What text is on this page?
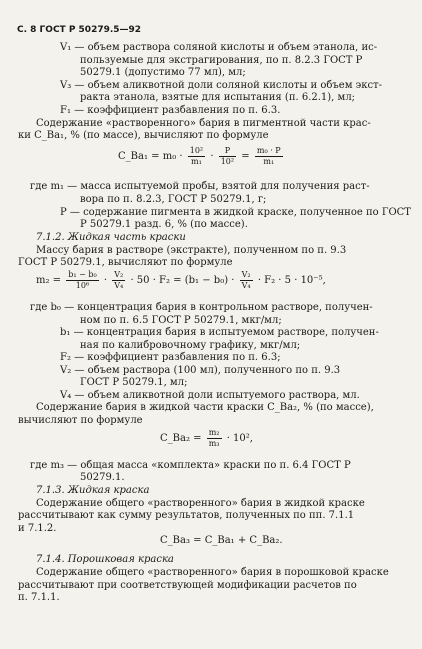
С. 8 ГОСТ Р 50279.5—92
V₁ — объем раствора соляной кислоты и объем этанола, ис-
пользуемые для экстрагирования, по п. 8.2.3 ГОСТ Р
50279.1 (допустимо 77 мл), мл;
V₃ — объем аликвотной доли соляной кислоты и объем экст-
ракта этанола, взятые для испытания (п. 6.2.1), мл;
F₁ — коэффициент разбавления по п. 6.3.
Содержание «растворенного» бария в пигментной части крас-
ки C_Ba₁, % (по массе), вычисляют по формуле
C_Ba₁ = $m_0 \cdot \frac{\text{10²}}{\text{m₁}} \cdot \frac{P}{\text{10²}} = \frac{\text{m₀ · P}}{\text{m₁}}$
где m₁ — масса испытуемой пробы, взятой для получения раст-
вора по п. 8.2.3, ГОСТ Р 50279.1, г;
P — содержание пигмента в жидкой краске, полученное по ГОСТ
Р 50279.1 разд. 6, % (по массе).
7.1.2. Жидкая часть краски
Массу бария в растворе (экстракте), полученном по п. 9.3
ГОСТ Р 50279.1, вычисляют по формуле
$m_2 = \frac{\text{b₁ − b₀}}{\text{10⁶}} \cdot \frac{\text{V₂}}{\text{V₄}} \cdot 50 \cdot F_2 = (b_1 - b_0) \cdot \frac{\text{V₂}}{\text{V₄}} \cdot F_2 \cdot 5 \cdot 10^{-5}$,
где b₀ — концентрация бария в контрольном растворе, получен-
ном по п. 6.5 ГОСТ Р 50279.1, мкг/мл;
b₁ — концентрация бария в испытуемом растворе, получен-
ная по калибровочному графику, мкг/мл;
F₂ — коэффициент разбавления по п. 6.3;
V₂ — объем раствора (100 мл), полученного по п. 9.3
ГОСТ Р 50279.1, мл;
V₄ — объем аликвотной доли испытуемого раствора, мл.
Содержание бария в жидкой части краски C_Ba₂, % (по массе),
вычисляют по формуле
C_Ba₂ = $\frac{\text{m₂}}{\text{m₃}} \cdot 10^2$,
где m₃ — общая масса «комплекта» краски по п. 6.4 ГОСТ Р
50279.1.
7.1.3. Жидкая краска
Содержание общего «растворенного» бария в жидкой краске
рассчитывают как сумму результатов, полученных по пп. 7.1.1
и 7.1.2.
C_Ba₃ = C_Ba₁ + C_Ba₂.
7.1.4. Порошковая краска
Содержание общего «растворенного» бария в порошковой краске
рассчитывают при соответствующей модификации расчетов по
п. 7.1.1.
